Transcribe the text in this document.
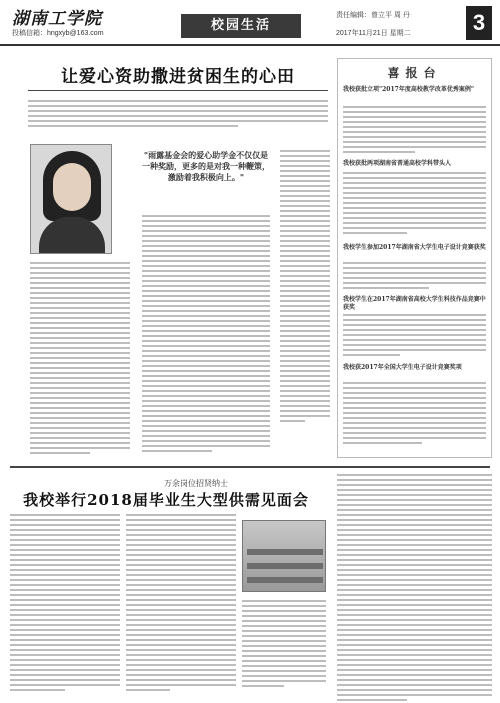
湖南工学院
投稿信箱：hngxyb@163.com
校园生活
责任编辑：曾立平 周 丹
2017年11月21日 星期二	3
让爱心资助撒进贫困生的心田
"雨露基金会的爱心助学金不仅仅是一种奖励，更多的是对我一种鞭策，激励着我积极向上。"
喜报台
我校获批立项"2017年度高校教学改革优秀案例"
我校获批两项湖南省普通高校学科带头人
我校学生参加2017年湖南省大学生电子设计竞赛获奖
我校学生在2017年湖南省高校大学生科技作品竞赛中获奖
我校获2017年全国大学生电子设计竞赛奖项
万余岗位招贤纳士
我校举行2018届毕业生大型供需见面会
